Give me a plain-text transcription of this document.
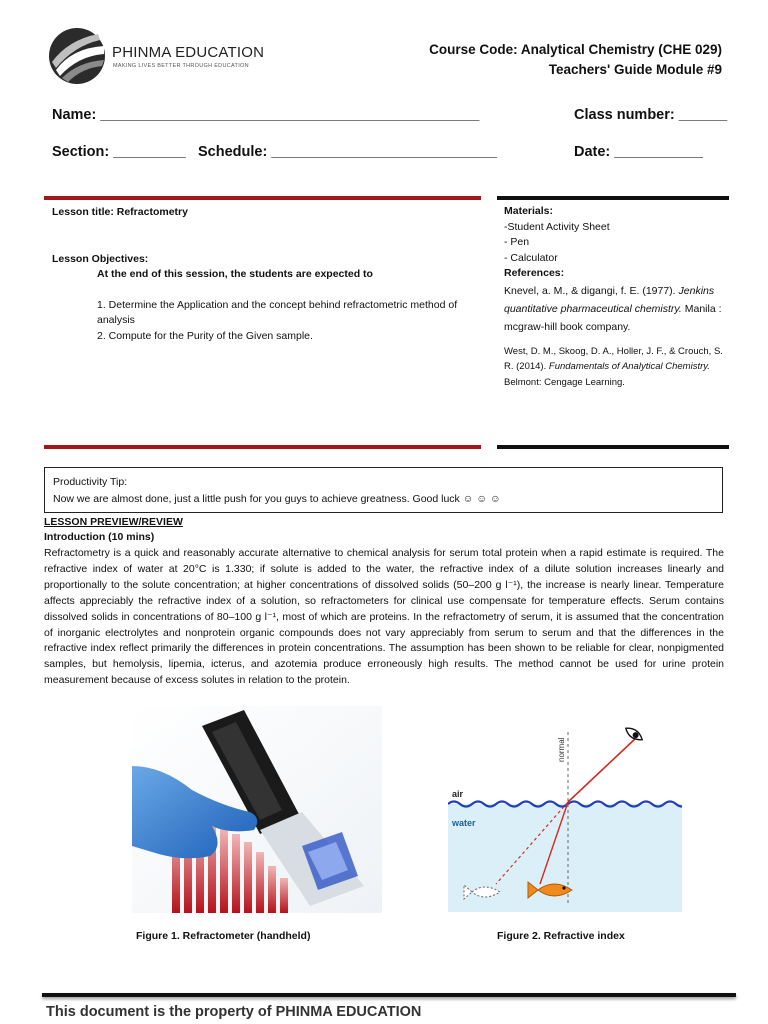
PHINMA EDUCATION
MAKING LIVES BETTER THROUGH EDUCATION
Course Code: Analytical Chemistry (CHE 029)
Teachers' Guide Module #9
Name: _______________________________________________	Class number: ______
Section: _________ Schedule: ____________________________	Date: ___________
Lesson title: Refractometry
Lesson Objectives:
At the end of this session, the students are expected to
1. Determine the Application and the concept behind refractometric method of analysis
2. Compute for the Purity of the Given sample.
Materials:
-Student Activity Sheet
- Pen
- Calculator
References:
Knevel, a. M., & digangi, f. E. (1977). Jenkins quantitative pharmaceutical chemistry. Manila : mcgraw-hill book company.
West, D. M., Skoog, D. A., Holler, J. F., & Crouch, S. R. (2014). Fundamentals of Analytical Chemistry. Belmont: Cengage Learning.
Productivity Tip:
Now we are almost done, just a little push for you guys to achieve greatness. Good luck ☺ ☺ ☺
LESSON PREVIEW/REVIEW
Introduction (10 mins)

Refractometry is a quick and reasonably accurate alternative to chemical analysis for serum total protein when a rapid estimate is required. The refractive index of water at 20°C is 1.330; if solute is added to the water, the refractive index of a dilute solution increases linearly and proportionally to the solute concentration; at higher concentrations of dissolved solids (50–200 g l⁻¹), the increase is nearly linear. Temperature affects appreciably the refractive index of a solution, so refractometers for clinical use compensate for temperature effects. Serum contains dissolved solids in concentrations of 80–100 g l⁻¹, most of which are proteins. In the refractometry of serum, it is assumed that the concentration of inorganic electrolytes and nonprotein organic compounds does not vary appreciably from serum to serum and that the differences in the refractive index reflect primarily the differences in protein concentrations. The assumption has been shown to be reliable for clear, nonpigmented samples, but hemolysis, lipemia, icterus, and azotemia produce erroneously high results. The method cannot be used for urine protein measurement because of excess solutes in relation to the protein.

normal
air
water
Figure 1. Refractometer (handheld)	Figure 2. Refractive index
This document is the property of PHINMA EDUCATION
